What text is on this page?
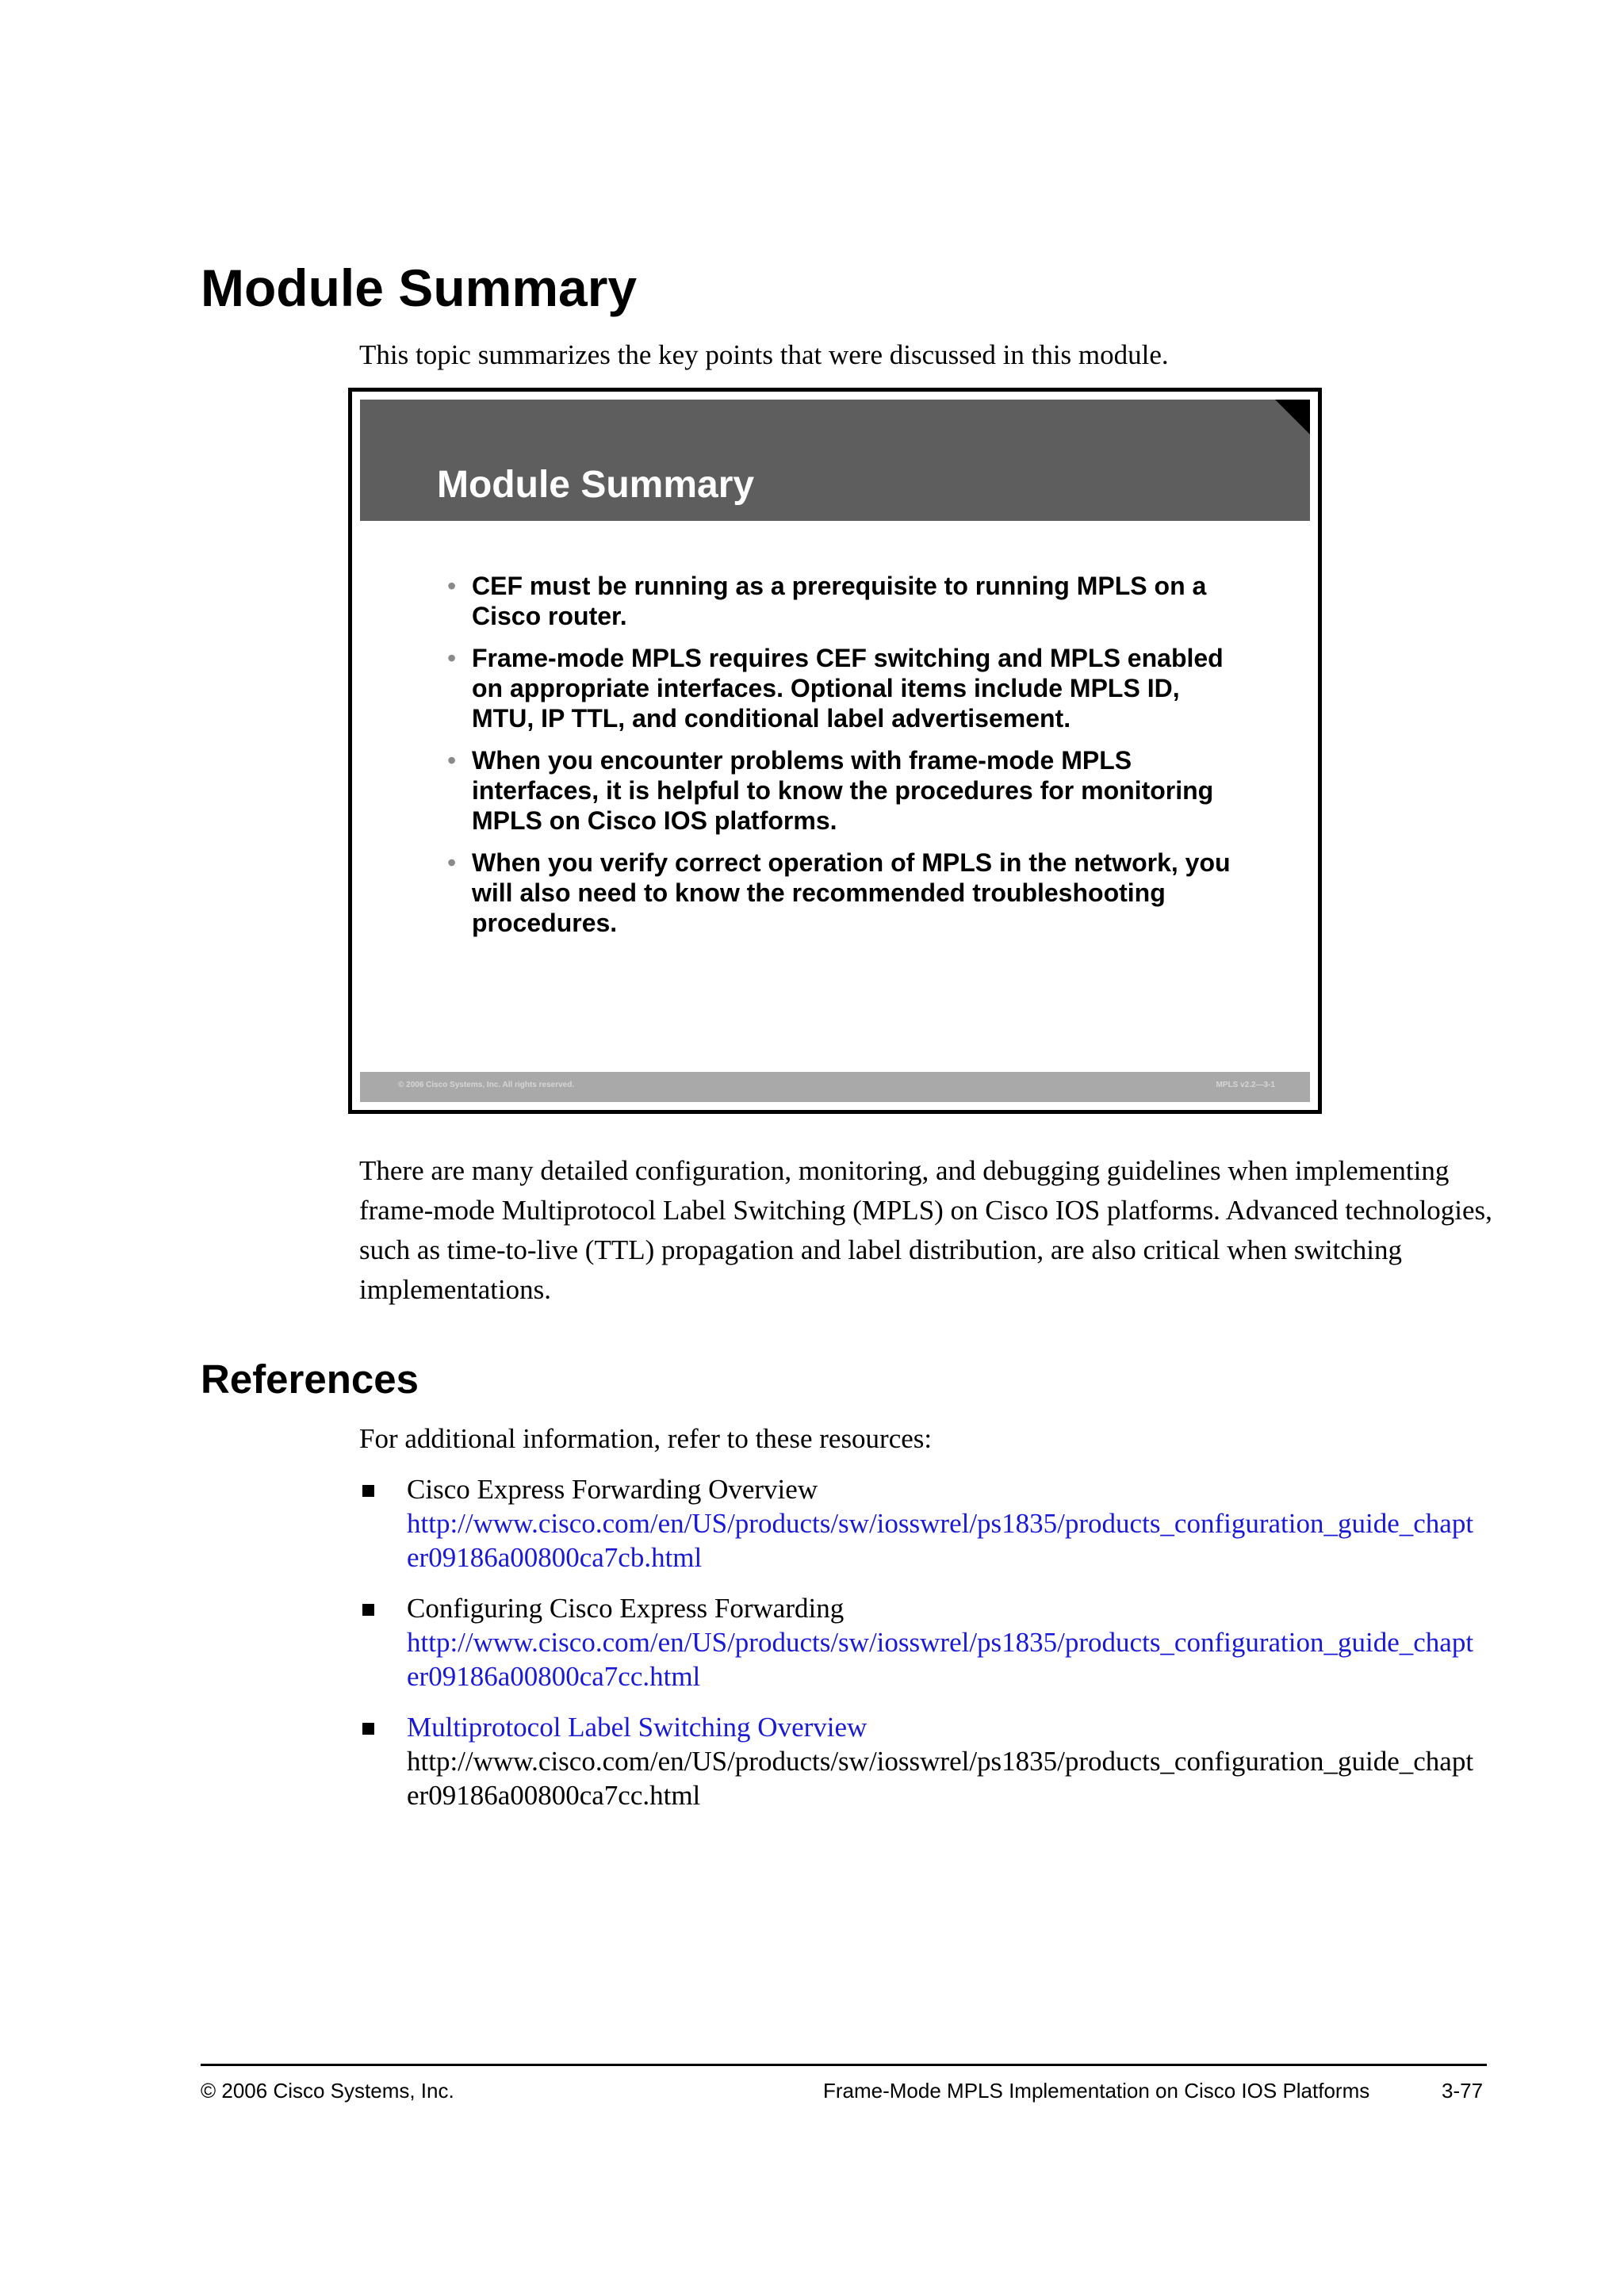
Module Summary

This topic summarizes the key points that were discussed in this module.

Module Summary
• CEF must be running as a prerequisite to running MPLS on a Cisco router.
• Frame-mode MPLS requires CEF switching and MPLS enabled on appropriate interfaces. Optional items include MPLS ID, MTU, IP TTL, and conditional label advertisement.
• When you encounter problems with frame-mode MPLS interfaces, it is helpful to know the procedures for monitoring MPLS on Cisco IOS platforms.
• When you verify correct operation of MPLS in the network, you will also need to know the recommended troubleshooting procedures.
© 2006 Cisco Systems, Inc. All rights reserved.	MPLS v2.2—3-1

There are many detailed configuration, monitoring, and debugging guidelines when implementing frame-mode Multiprotocol Label Switching (MPLS) on Cisco IOS platforms. Advanced technologies, such as time-to-live (TTL) propagation and label distribution, are also critical when switching implementations.

References

For additional information, refer to these resources:

Cisco Express Forwarding Overview
http://www.cisco.com/en/US/products/sw/iosswrel/ps1835/products_configuration_guide_chapter09186a00800ca7cb.html
Configuring Cisco Express Forwarding
http://www.cisco.com/en/US/products/sw/iosswrel/ps1835/products_configuration_guide_chapter09186a00800ca7cc.html
Multiprotocol Label Switching Overview
http://www.cisco.com/en/US/products/sw/iosswrel/ps1835/products_configuration_guide_chapter09186a00800ca7cc.html

© 2006 Cisco Systems, Inc.	Frame-Mode MPLS Implementation on Cisco IOS Platforms	3-77
